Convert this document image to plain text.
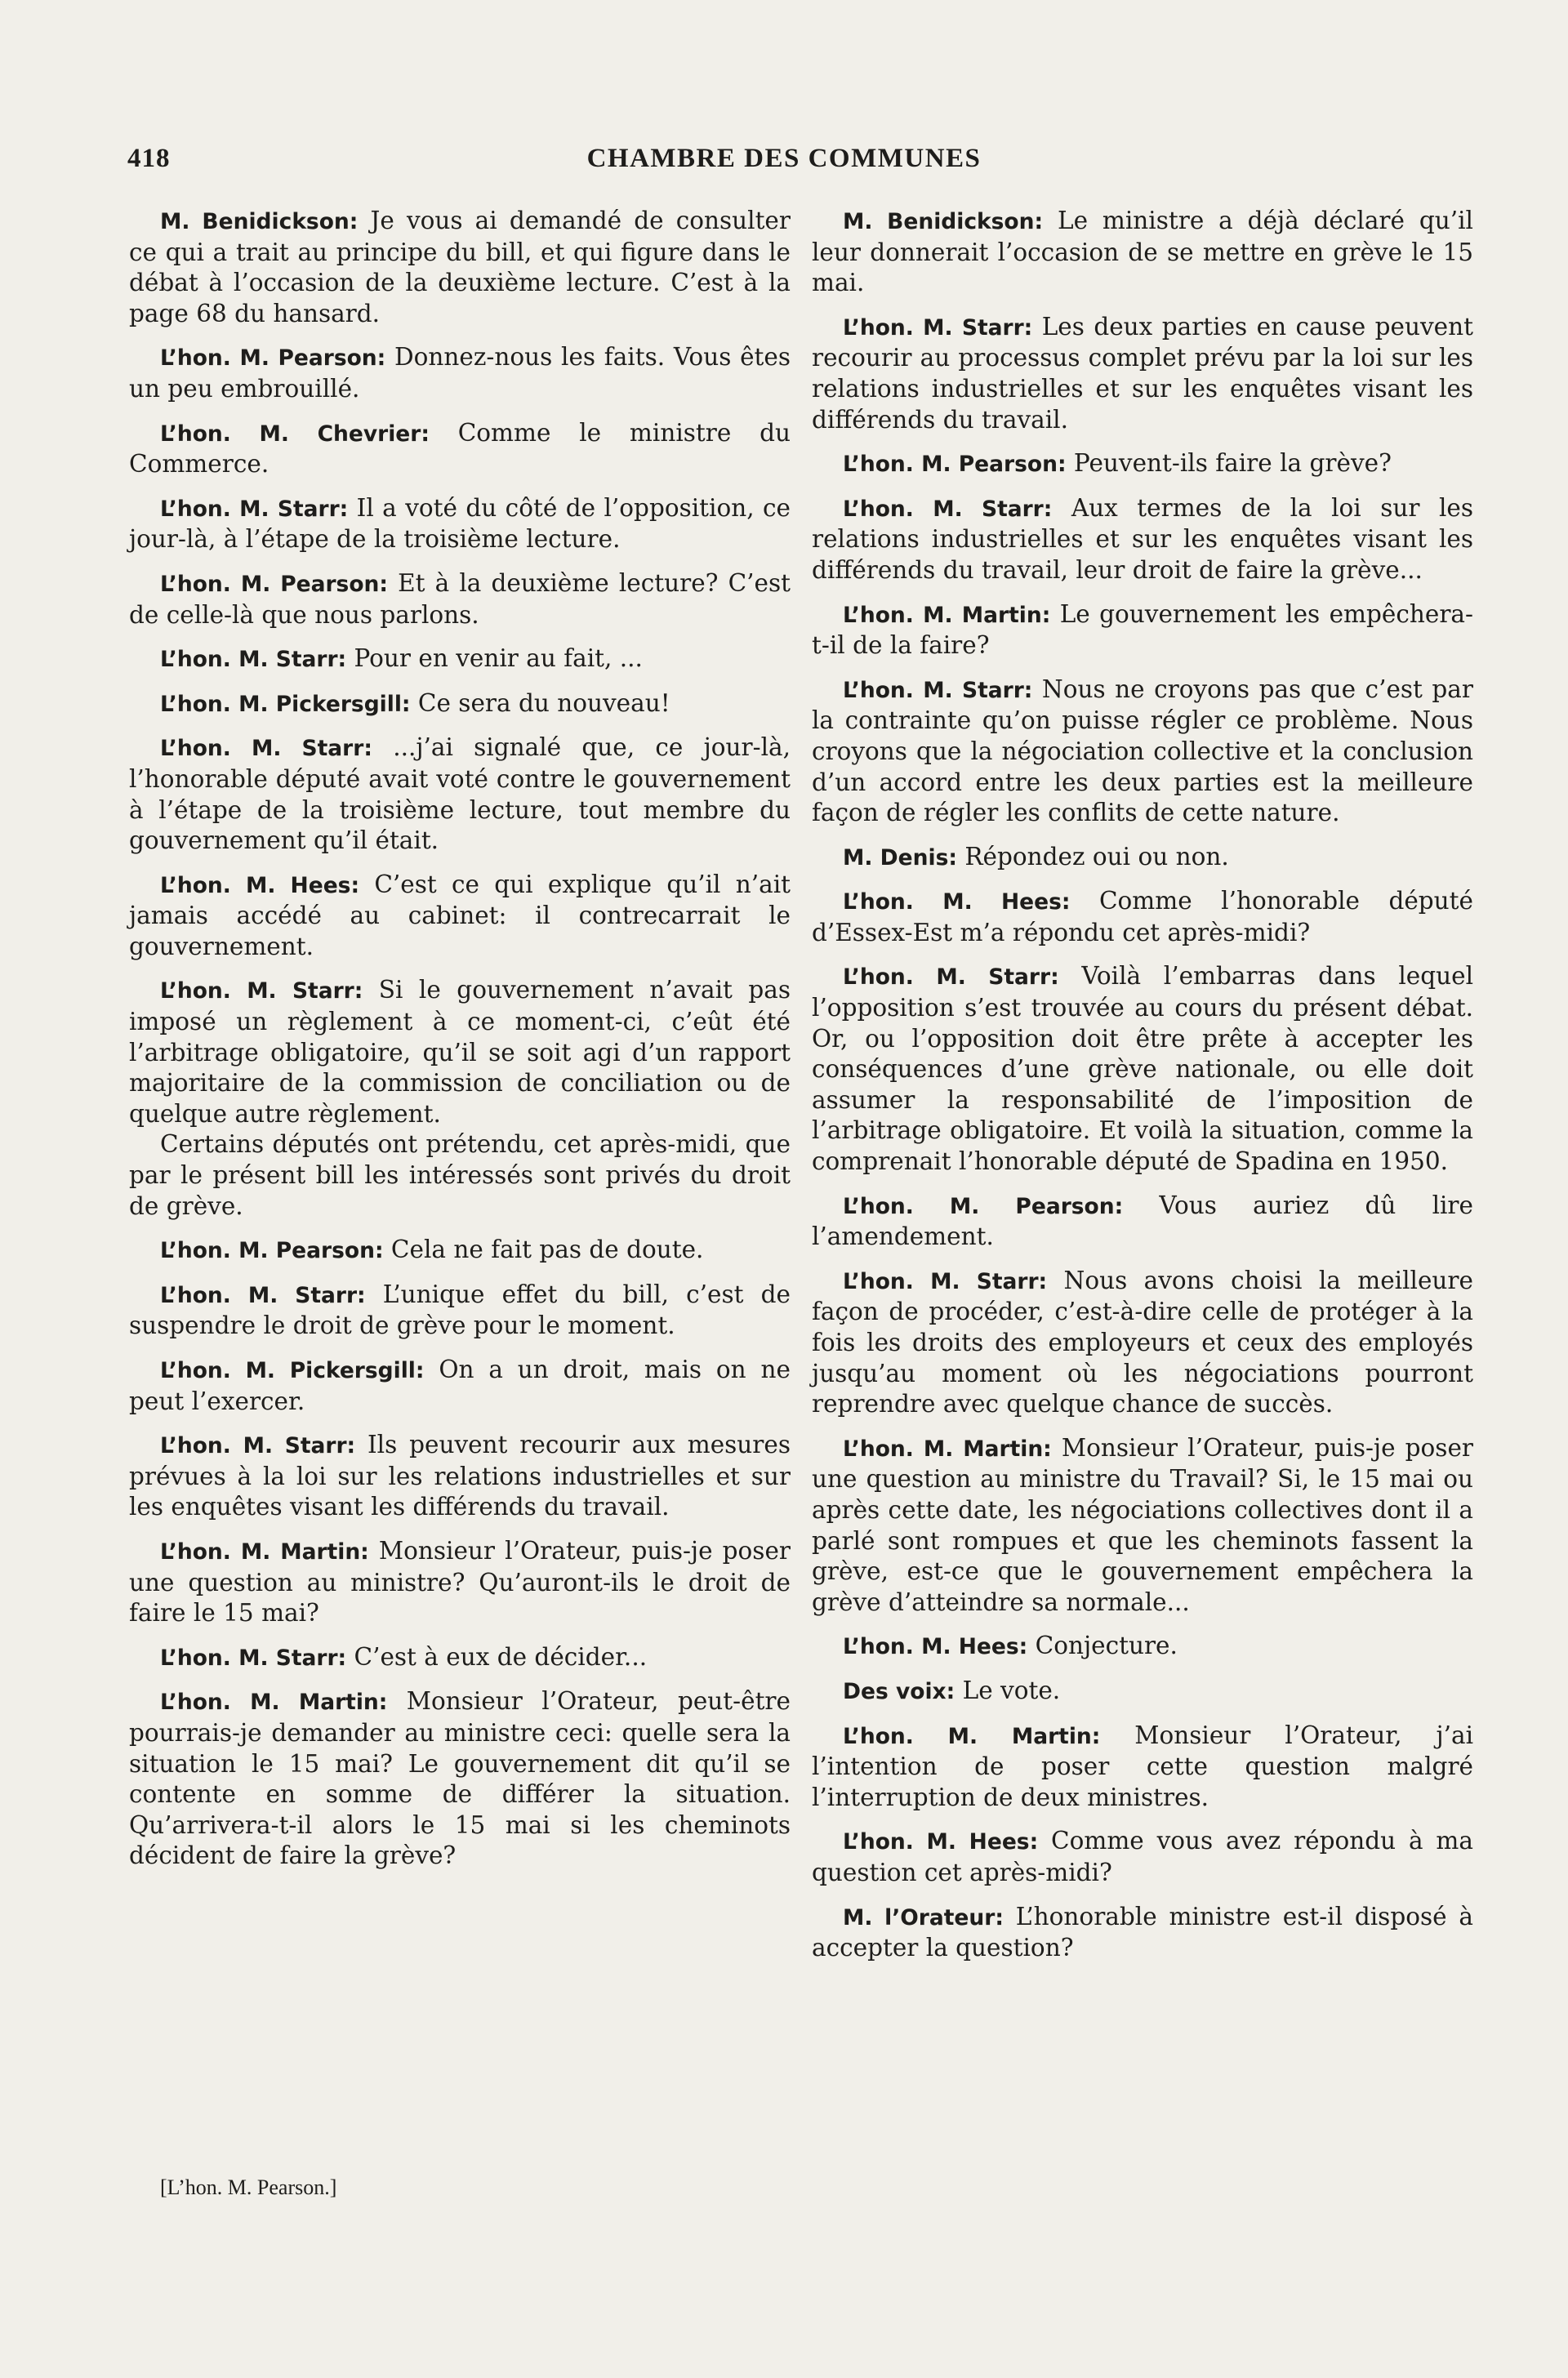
418	CHAMBRE DES COMMUNES

M. Benidickson: Je vous ai demandé de consulter ce qui a trait au principe du bill, et qui figure dans le débat à l’occasion de la deuxième lecture. C’est à la page 68 du hansard.

L’hon. M. Pearson: Donnez-nous les faits. Vous êtes un peu embrouillé.

L’hon. M. Chevrier: Comme le ministre du Commerce.

L’hon. M. Starr: Il a voté du côté de l’opposition, ce jour-là, à l’étape de la troisième lecture.

L’hon. M. Pearson: Et à la deuxième lecture? C’est de celle-là que nous parlons.

L’hon. M. Starr: Pour en venir au fait, ...

L’hon. M. Pickersgill: Ce sera du nouveau!

L’hon. M. Starr: ...j’ai signalé que, ce jour-là, l’honorable député avait voté contre le gouvernement à l’étape de la troisième lecture, tout membre du gouvernement qu’il était.

L’hon. M. Hees: C’est ce qui explique qu’il n’ait jamais accédé au cabinet: il contrecarrait le gouvernement.

L’hon. M. Starr: Si le gouvernement n’avait pas imposé un règlement à ce moment-ci, c’eût été l’arbitrage obligatoire, qu’il se soit agi d’un rapport majoritaire de la commission de conciliation ou de quelque autre règlement.

Certains députés ont prétendu, cet après-midi, que par le présent bill les intéressés sont privés du droit de grève.

L’hon. M. Pearson: Cela ne fait pas de doute.

L’hon. M. Starr: L’unique effet du bill, c’est de suspendre le droit de grève pour le moment.

L’hon. M. Pickersgill: On a un droit, mais on ne peut l’exercer.

L’hon. M. Starr: Ils peuvent recourir aux mesures prévues à la loi sur les relations industrielles et sur les enquêtes visant les différends du travail.

L’hon. M. Martin: Monsieur l’Orateur, puis-je poser une question au ministre? Qu’auront-ils le droit de faire le 15 mai?

L’hon. M. Starr: C’est à eux de décider...

L’hon. M. Martin: Monsieur l’Orateur, peut-être pourrais-je demander au ministre ceci: quelle sera la situation le 15 mai? Le gouvernement dit qu’il se contente en somme de différer la situation. Qu’arrivera-t-il alors le 15 mai si les cheminots décident de faire la grève?

M. Benidickson: Le ministre a déjà déclaré qu’il leur donnerait l’occasion de se mettre en grève le 15 mai.

L’hon. M. Starr: Les deux parties en cause peuvent recourir au processus complet prévu par la loi sur les relations industrielles et sur les enquêtes visant les différends du travail.

L’hon. M. Pearson: Peuvent-ils faire la grève?

L’hon. M. Starr: Aux termes de la loi sur les relations industrielles et sur les enquêtes visant les différends du travail, leur droit de faire la grève...

L’hon. M. Martin: Le gouvernement les empêchera-t-il de la faire?

L’hon. M. Starr: Nous ne croyons pas que c’est par la contrainte qu’on puisse régler ce problème. Nous croyons que la négociation collective et la conclusion d’un accord entre les deux parties est la meilleure façon de régler les conflits de cette nature.

M. Denis: Répondez oui ou non.

L’hon. M. Hees: Comme l’honorable député d’Essex-Est m’a répondu cet après-midi?

L’hon. M. Starr: Voilà l’embarras dans lequel l’opposition s’est trouvée au cours du présent débat. Or, ou l’opposition doit être prête à accepter les conséquences d’une grève nationale, ou elle doit assumer la responsabilité de l’imposition de l’arbitrage obligatoire. Et voilà la situation, comme la comprenait l’honorable député de Spadina en 1950.

L’hon. M. Pearson: Vous auriez dû lire l’amendement.

L’hon. M. Starr: Nous avons choisi la meilleure façon de procéder, c’est-à-dire celle de protéger à la fois les droits des employeurs et ceux des employés jusqu’au moment où les négociations pourront reprendre avec quelque chance de succès.

L’hon. M. Martin: Monsieur l’Orateur, puis-je poser une question au ministre du Travail? Si, le 15 mai ou après cette date, les négociations collectives dont il a parlé sont rompues et que les cheminots fassent la grève, est-ce que le gouvernement empêchera la grève d’atteindre sa normale...

L’hon. M. Hees: Conjecture.

Des voix: Le vote.

L’hon. M. Martin: Monsieur l’Orateur, j’ai l’intention de poser cette question malgré l’interruption de deux ministres.

L’hon. M. Hees: Comme vous avez répondu à ma question cet après-midi?

M. l’Orateur: L’honorable ministre est-il disposé à accepter la question?

[L’hon. M. Pearson.]
